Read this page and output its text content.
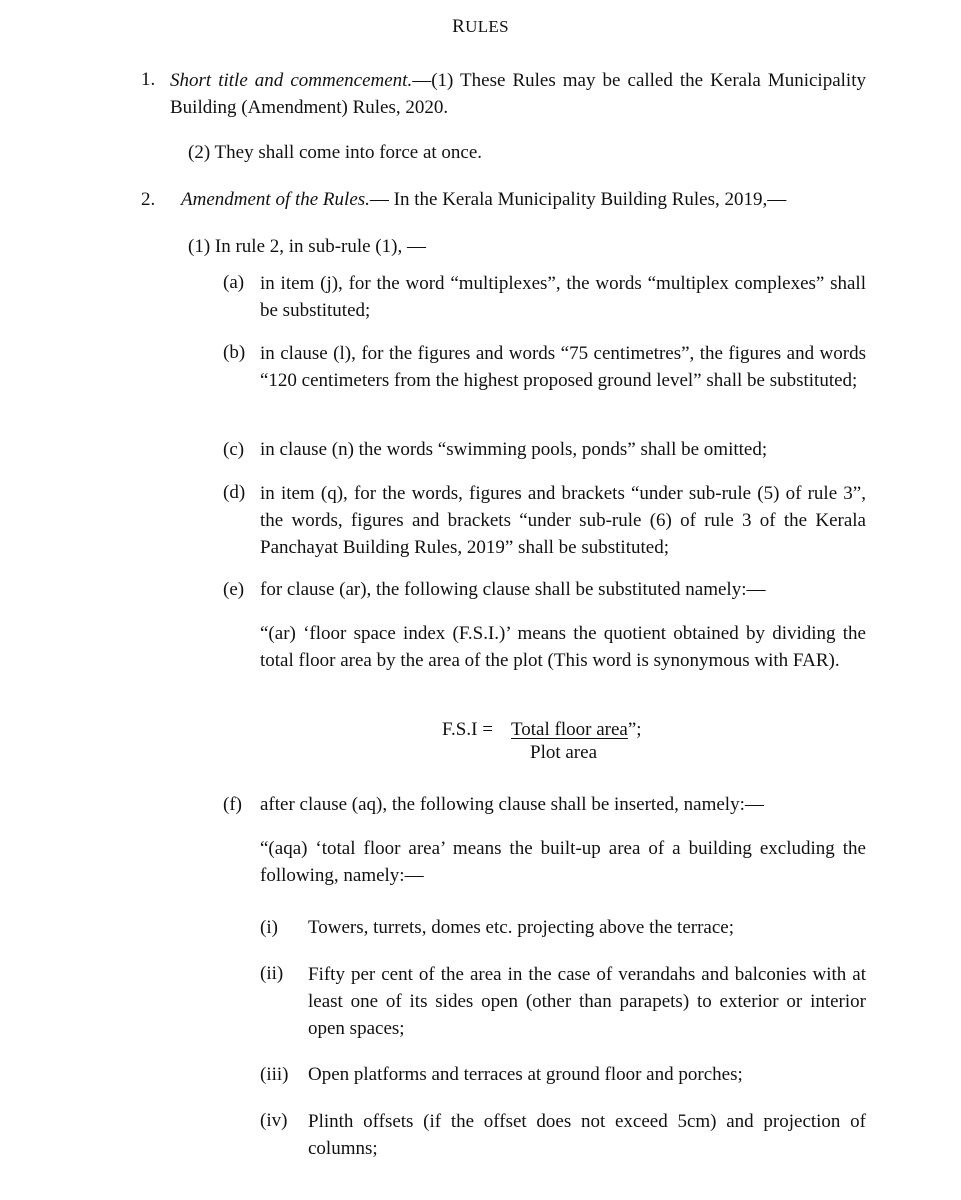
RULES
1. Short title and commencement.—(1) These Rules may be called the Kerala Municipality Building (Amendment) Rules, 2020.
(2) They shall come into force at once.
2. Amendment of the Rules.— In the Kerala Municipality Building Rules, 2019,—
(1) In rule 2, in sub-rule (1), —
(a) in item (j), for the word “multiplexes”, the words “multiplex complexes” shall be substituted;
(b) in clause (l), for the figures and words “75 centimetres”, the figures and words “120 centimeters from the highest proposed ground level” shall be substituted;
(c) in clause (n) the words “swimming pools, ponds” shall be omitted;
(d) in item (q), for the words, figures and brackets “under sub-rule (5) of rule 3”, the words, figures and brackets “under sub-rule (6) of rule 3 of the Kerala Panchayat Building Rules, 2019” shall be substituted;
(e) for clause (ar), the following clause shall be substituted namely:—
“(ar) ‘floor space index (F.S.I.)’ means the quotient obtained by dividing the total floor area by the area of the plot (This word is synonymous with FAR).
F.S.I = Total floor area”;
Plot area
(f) after clause (aq), the following clause shall be inserted, namely:—
“(aqa) ‘total floor area’ means the built-up area of a building excluding the following, namely:—
(i) Towers, turrets, domes etc. projecting above the terrace;
(ii) Fifty per cent of the area in the case of verandahs and balconies with at least one of its sides open (other than parapets) to exterior or interior open spaces;
(iii) Open platforms and terraces at ground floor and porches;
(iv) Plinth offsets (if the offset does not exceed 5cm) and projection of columns;
